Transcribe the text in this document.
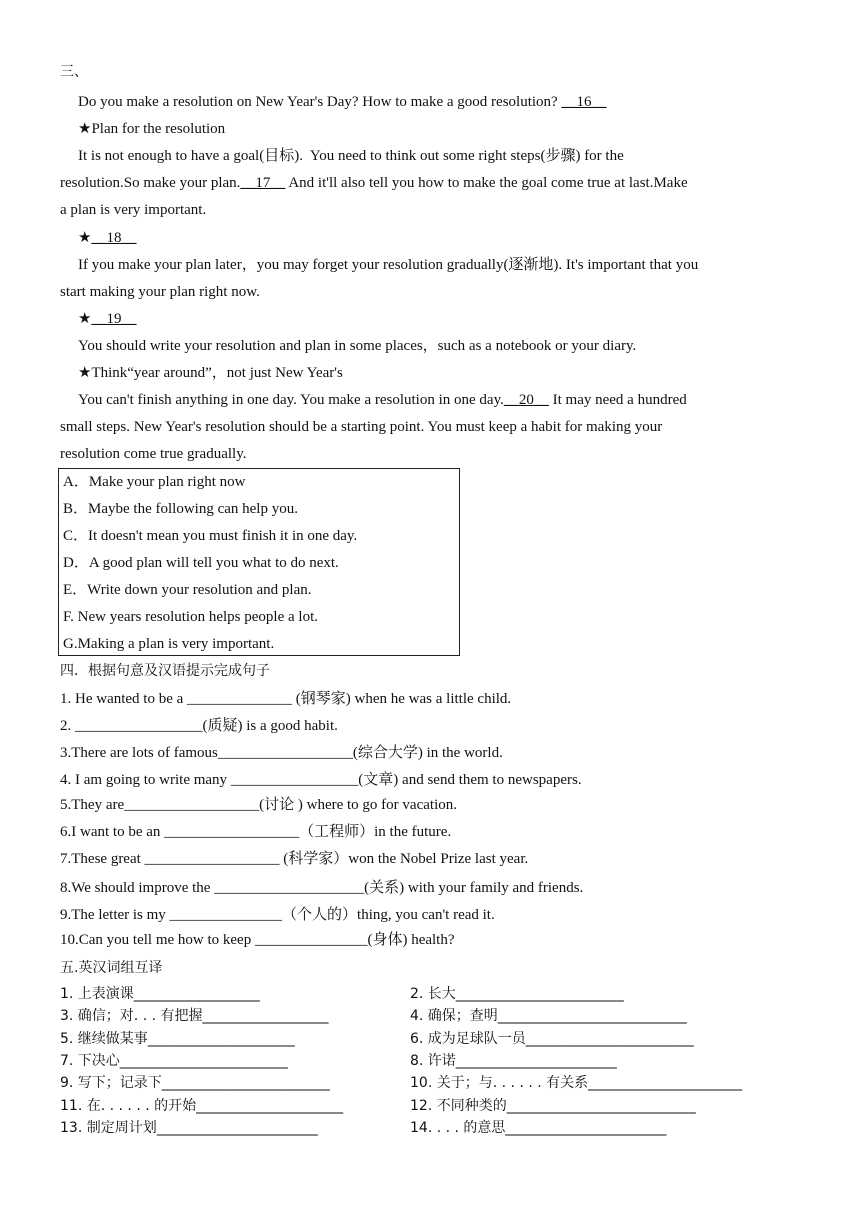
三、
Do you make a resolution on New Year's Day? How to make a good resolution? __16__
★Plan for the resolution
It is not enough to have a goal(目标).  You need to think out some right steps(步骤) for the
resolution.So make your plan.__17__ And it'll also tell you how to make the goal come true at last.Make
a plan is very important.
★__18__
If you make your plan later，you may forget your resolution gradually(逐渐地). It's important that you
start making your plan right now.
★__19__
You should write your resolution and plan in some places，such as a notebook or your diary.
★Think“year around”，not just New Year's
You can't finish anything in one day. You make a resolution in one day.__20__ It may need a hundred
small steps. New Year's resolution should be a starting point. You must keep a habit for making your
resolution come true gradually.
A．Make your plan right now
B．Maybe the following can help you.
C．It doesn't mean you must finish it in one day.
D．A good plan will tell you what to do next.
E．Write down your resolution and plan.
F. New years resolution helps people a lot.
G.Making a plan is very important.
四．根据句意及汉语提示完成句子
1. He wanted to be a ______________ (钢琴家) when he was a little child.
2. _________________(质疑) is a good habit.
3.There are lots of famous__________________(综合大学) in the world.
4. I am going to write many _________________(文章) and send them to newspapers.
5.They are__________________(讨论 ) where to go for vacation.
6.I want to be an __________________（工程师）in the future.
7.These great __________________ (科学家）won the Nobel Prize last year.
8.We should improve the ____________________(关系) with your family and friends.
9.The letter is my _______________（个人的）thing, you can't read it.
10.Can you tell me how to keep _______________(身体) health?
五.英汉词组互译
1. 上表演课__________________
3. 确信；对. . . 有把握__________________
5. 继续做某事_____________________
7. 下决心________________________
9. 写下；记录下________________________
11. 在. . . . . . 的开始_____________________
13. 制定周计划_______________________
2. 长大________________________
4. 确保；查明___________________________
6. 成为足球队一员________________________
8. 许诺_______________________
10. 关于；与. . . . . . 有关系______________________
12. 不同种类的___________________________
14. . . . 的意思_______________________
